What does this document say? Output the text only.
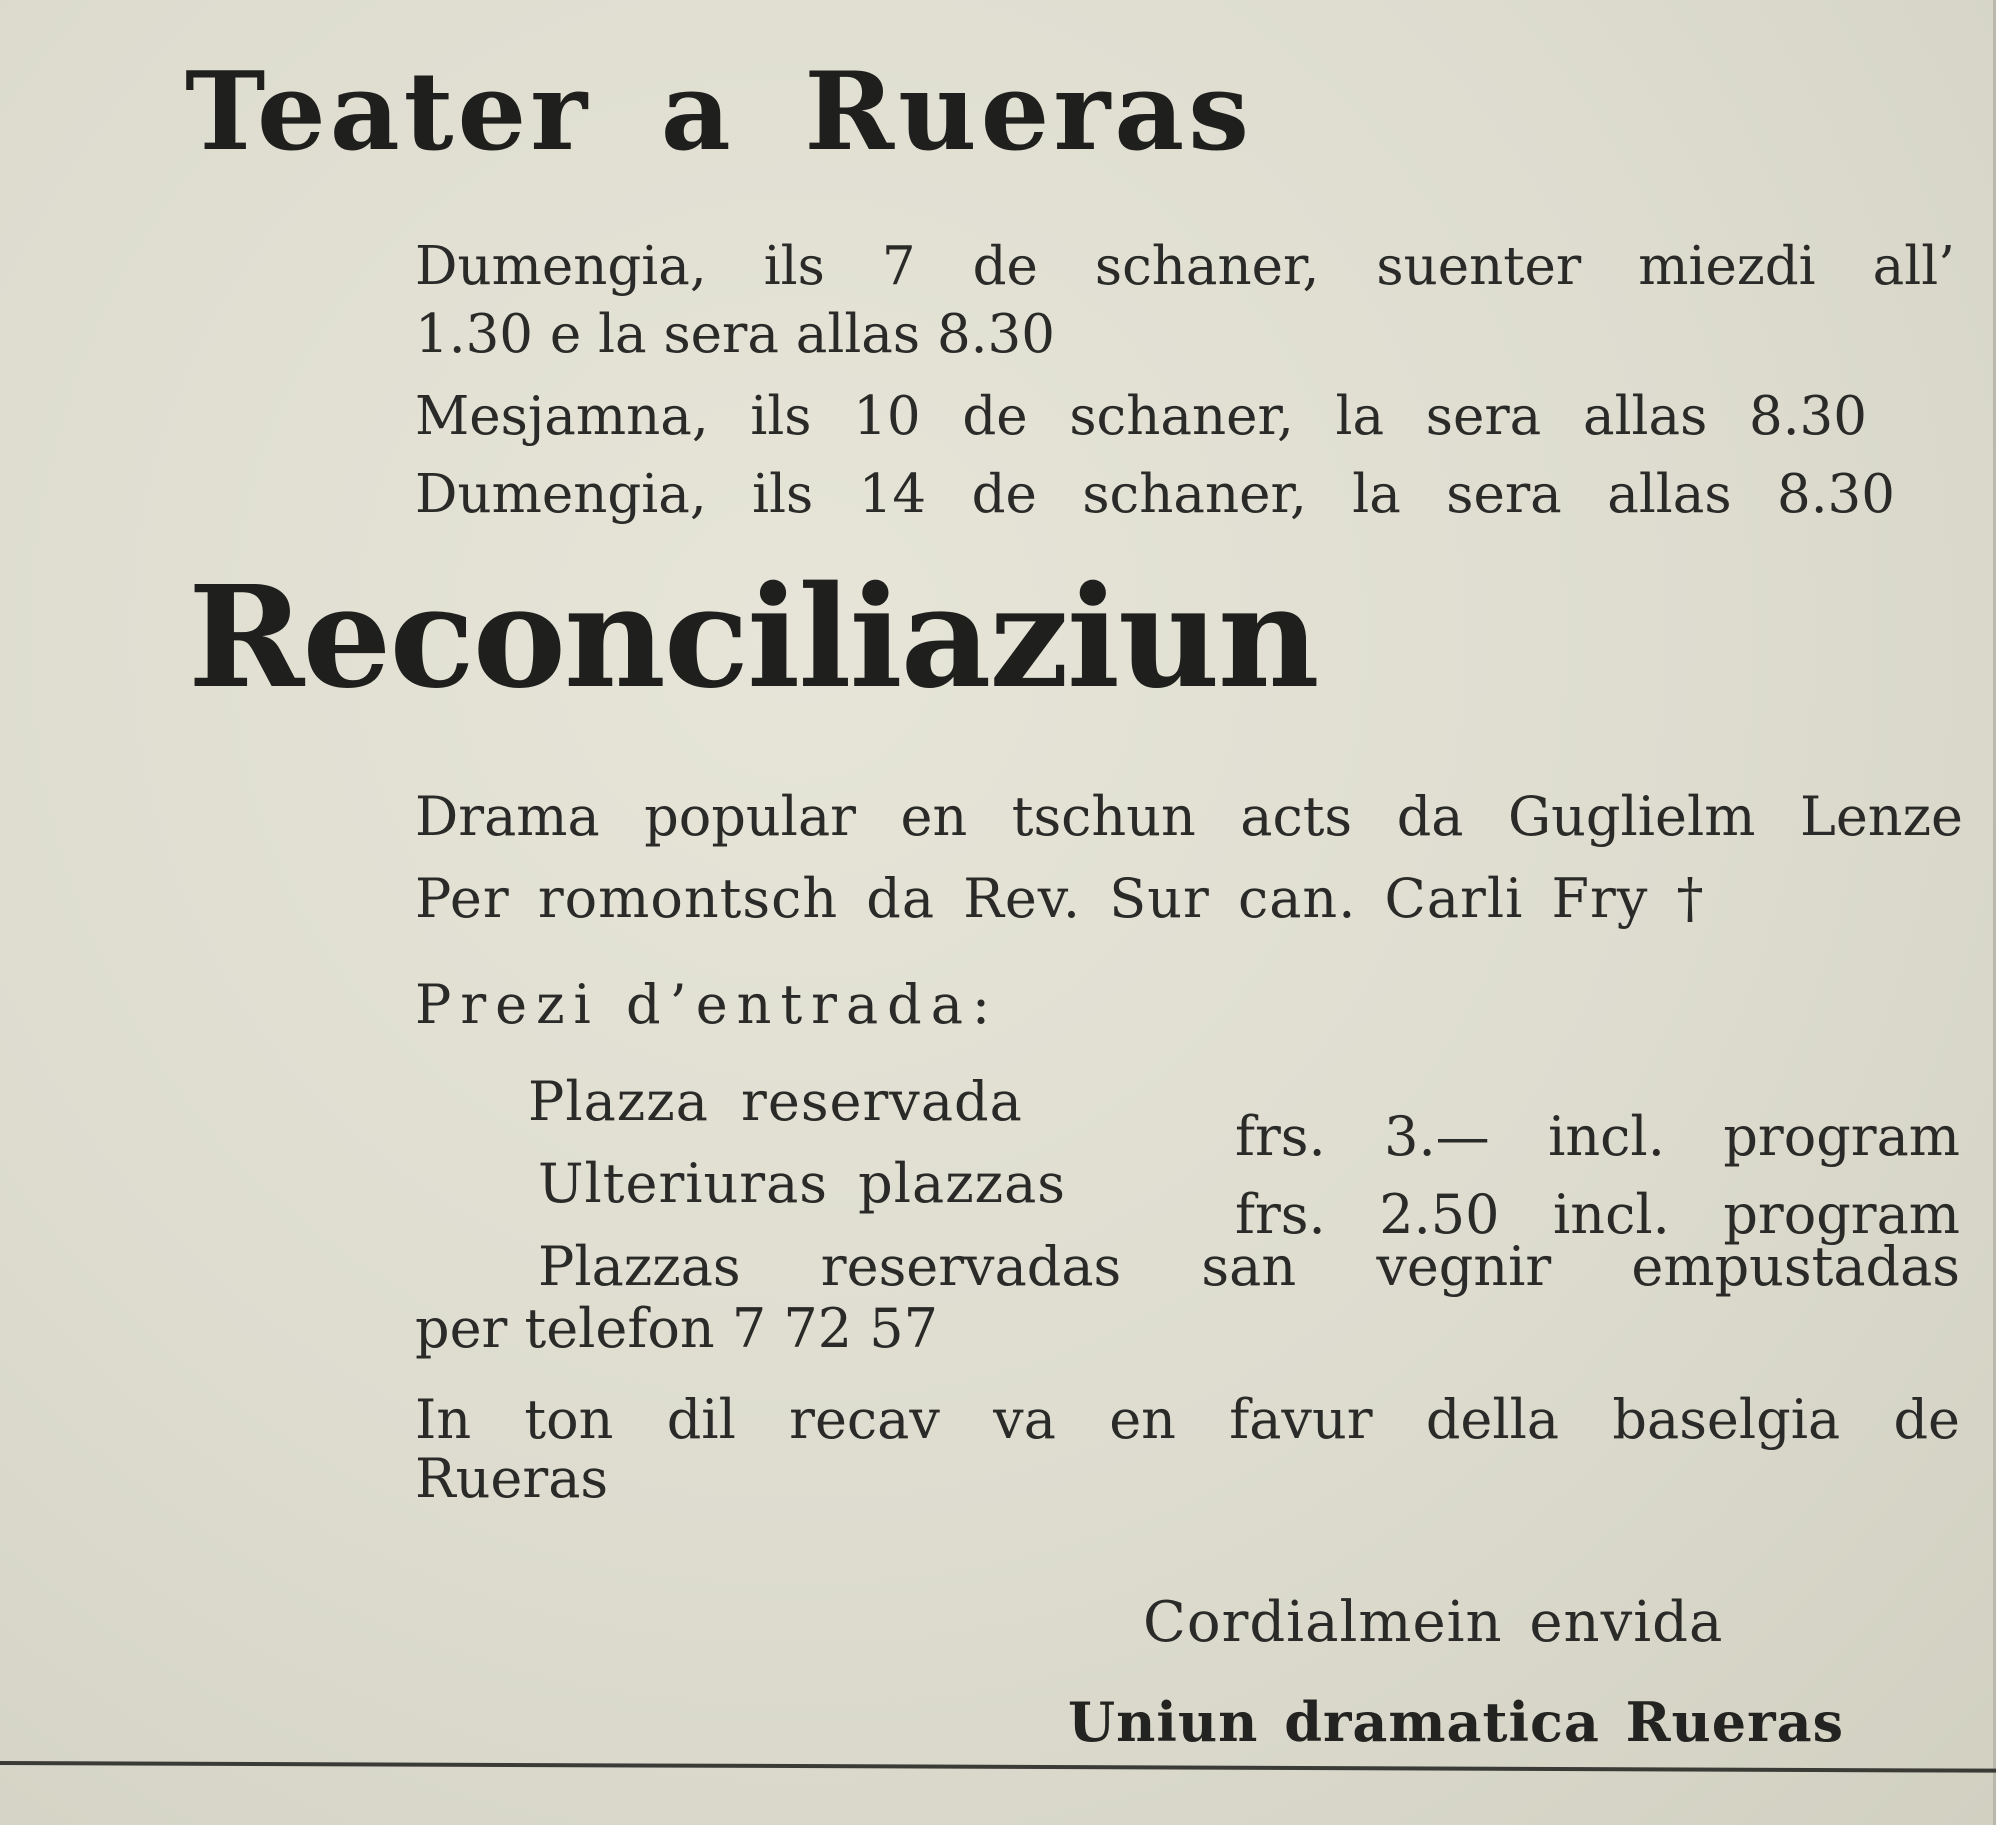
Teater a Rueras
Dumengia, ils 7 de schaner, suenter miezdi all’
1.30 e la sera allas 8.30
Mesjamna, ils 10 de schaner, la sera allas 8.30
Dumengia, ils 14 de schaner, la sera allas 8.30
Reconciliaziun
Drama popular en tschun acts da Guglielm Lenze
Per romontsch da Rev. Sur can. Carli Fry †
Prezi d’entrada:
Plazza reservada
frs. 3.— incl. program
Ulteriuras plazzas	frs. 2.50 incl. program
Plazzas reservadas san vegnir empustadas
per telefon 7 72 57
In ton dil recav va en favur della baselgia de
Rueras
Cordialmein envida
Uniun dramatica Rueras
